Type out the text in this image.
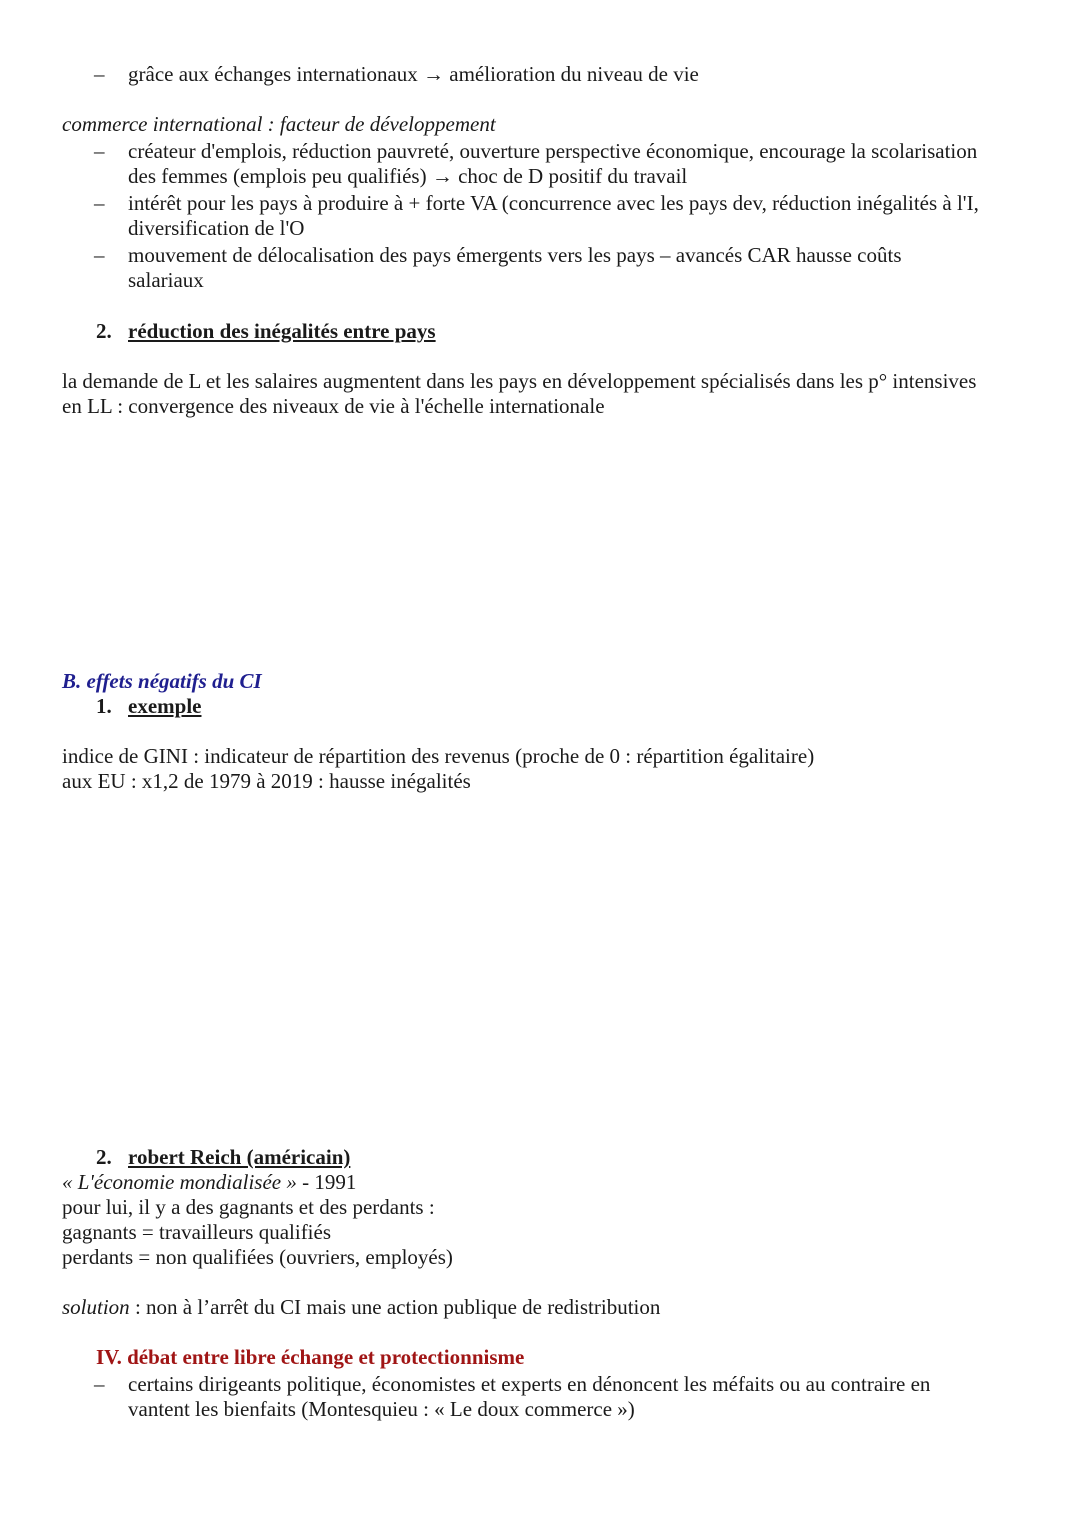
– grâce aux échanges internationaux → amélioration du niveau de vie
commerce international : facteur de développement
– créateur d'emplois, réduction pauvreté, ouverture perspective économique, encourage la scolarisation
des femmes (emplois peu qualifiés) → choc de D positif du travail
– intérêt pour les pays à produire à + forte VA (concurrence avec les pays dev, réduction inégalités à l'I,
diversification de l'O
– mouvement de délocalisation des pays émergents vers les pays – avancés CAR hausse coûts
salariaux
2. réduction des inégalités entre pays
la demande de L et les salaires augmentent dans les pays en développement spécialisés dans les p° intensives
en LL : convergence des niveaux de vie à l'échelle internationale
B. effets négatifs du CI
1. exemple
indice de GINI : indicateur de répartition des revenus (proche de 0 : répartition égalitaire)
aux EU : x1,2 de 1979 à 2019 : hausse inégalités
2. robert Reich (américain)
« L'économie mondialisée » - 1991
pour lui, il y a des gagnants et des perdants :
gagnants = travailleurs qualifiés
perdants = non qualifiées (ouvriers, employés)
solution : non à l’arrêt du CI mais une action publique de redistribution
IV. débat entre libre échange et protectionnisme
– certains dirigeants politique, économistes et experts en dénoncent les méfaits ou au contraire en
vantent les bienfaits (Montesquieu : « Le doux commerce »)
